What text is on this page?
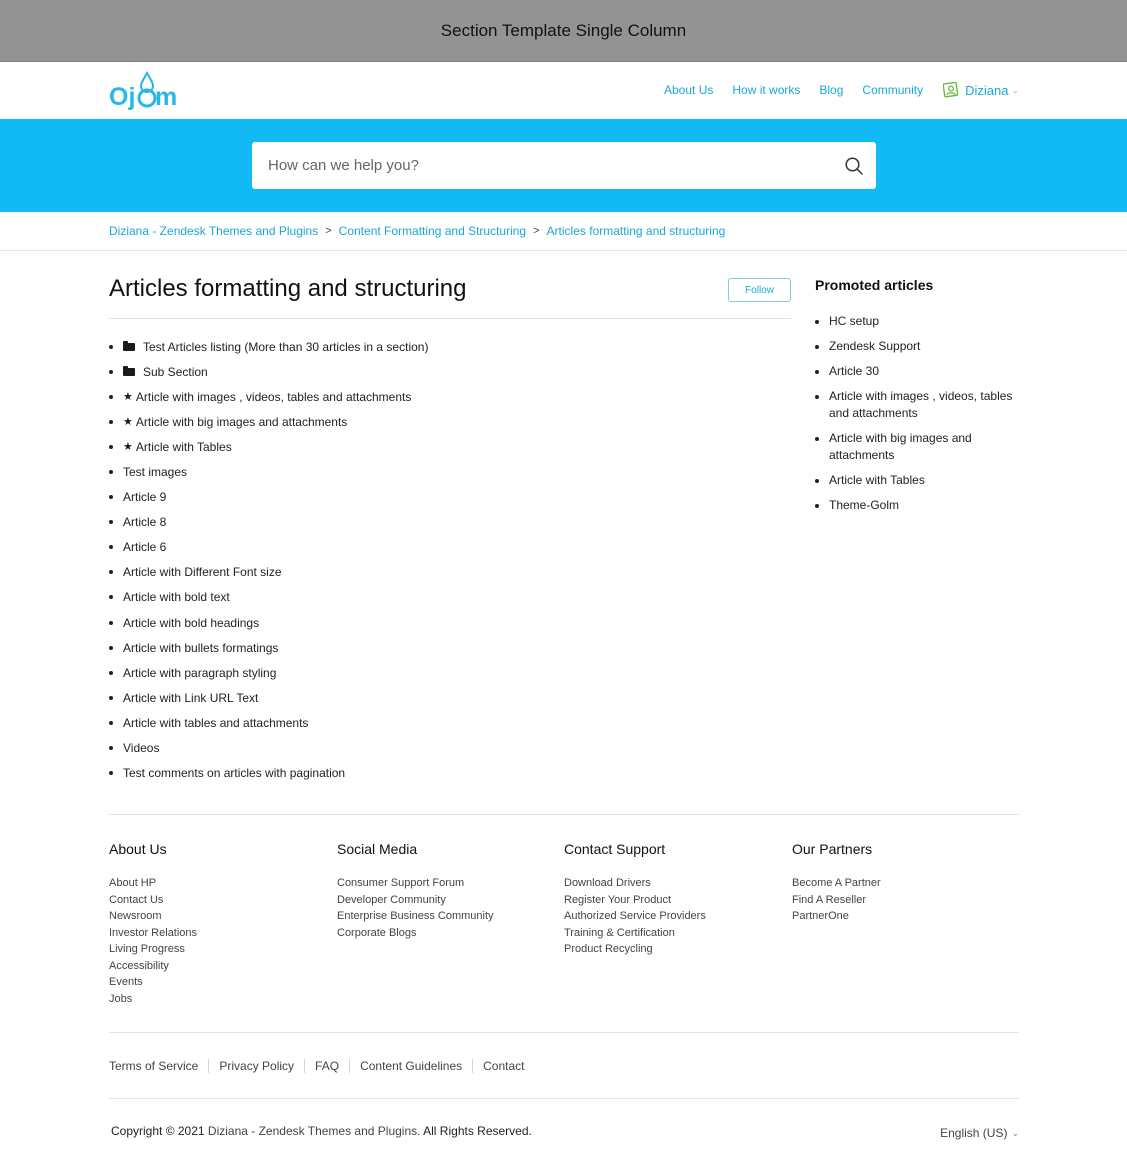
Section Template Single Column
Oj m	About Us How it works Blog Community	Diziana ⌄
How can we help you?
Diziana - Zendesk Themes and Plugins > Content Formatting and Structuring > Articles formatting and structuring
Articles formatting and structuring	Follow
Test Articles listing (More than 30 articles in a section)
Sub Section
★ Article with images , videos, tables and attachments
★ Article with big images and attachments
★ Article with Tables
Test images
Article 9
Article 8
Article 6
Article with Different Font size
Article with bold text
Article with bold headings
Article with bullets formatings
Article with paragraph styling
Article with Link URL Text
Article with tables and attachments
Videos
Test comments on articles with pagination
Promoted articles
HC setup
Zendesk Support
Article 30
Article with images , videos, tables and attachments
Article with big images and attachments
Article with Tables
Theme-Golm
About Us
About HP
Contact Us
Newsroom
Investor Relations
Living Progress
Accessibility
Events
Jobs
Social Media
Consumer Support Forum
Developer Community
Enterprise Business Community
Corporate Blogs
Contact Support
Download Drivers
Register Your Product
Authorized Service Providers
Training & Certification
Product Recycling
Our Partners
Become A Partner
Find A Reseller
PartnerOne
Terms of Service	Privacy Policy	FAQ	Content Guidelines	Contact
Copyright © 2021 Diziana - Zendesk Themes and Plugins. All Rights Reserved.	English (US) ⌄
